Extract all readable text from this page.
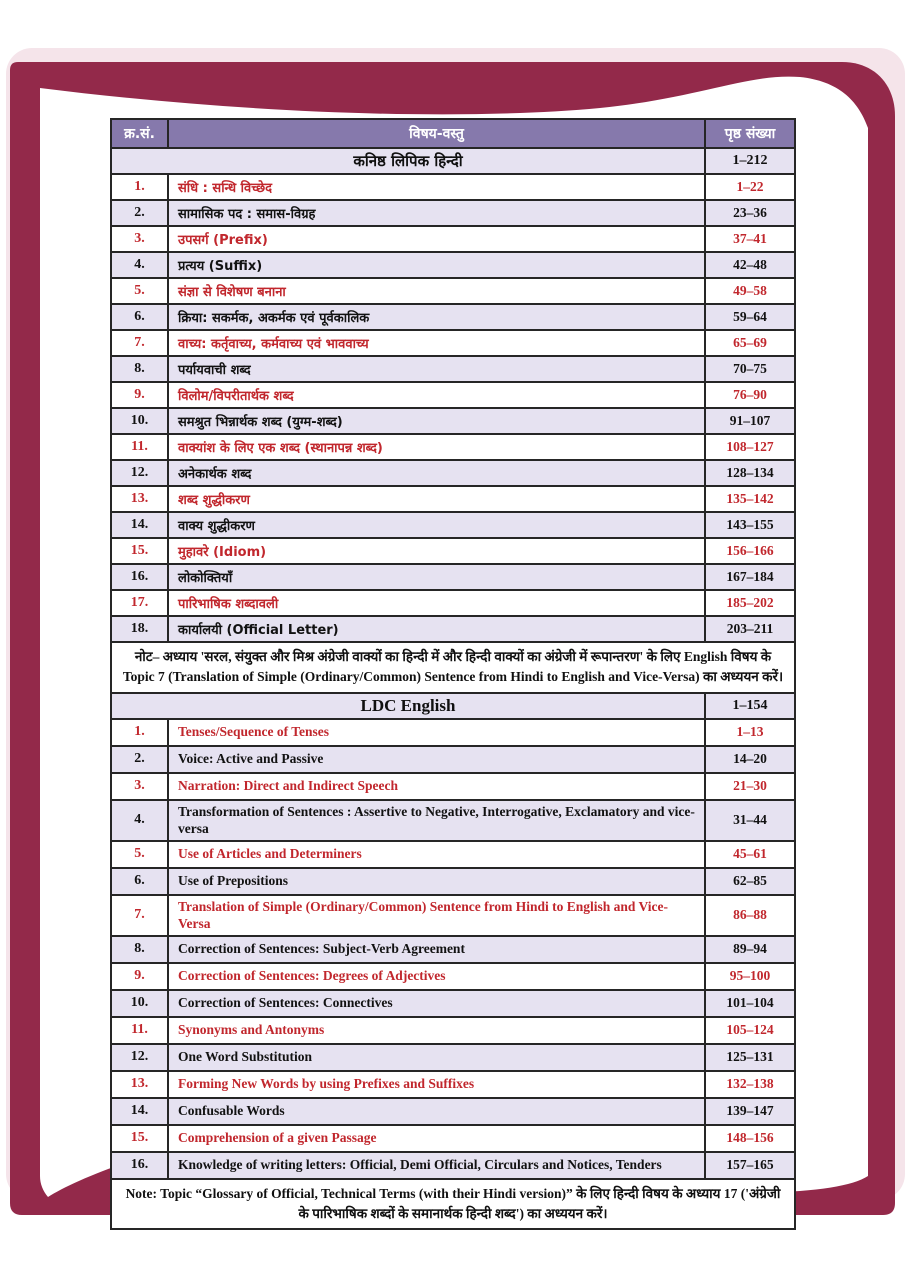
क्र.सं.	विषय-वस्तु	पृष्ठ संख्या
कनिष्ठ लिपिक हिन्दी		1–212
1.	संधि : सन्धि विच्छेद	1–22
2.	सामासिक पद : समास-विग्रह	23–36
3.	उपसर्ग (Prefix)	37–41
4.	प्रत्यय (Suffix)	42–48
5.	संज्ञा से विशेषण बनाना	49–58
6.	क्रिया: सकर्मक, अकर्मक एवं पूर्वकालिक	59–64
7.	वाच्य: कर्तृवाच्य, कर्मवाच्य एवं भाववाच्य	65–69
8.	पर्यायवाची शब्द	70–75
9.	विलोम/विपरीतार्थक शब्द	76–90
10.	समश्रुत भिन्नार्थक शब्द (युग्म-शब्द)	91–107
11.	वाक्यांश के लिए एक शब्द (स्थानापन्न शब्द)	108–127
12.	अनेकार्थक शब्द	128–134
13.	शब्द शुद्धीकरण	135–142
14.	वाक्य शुद्धीकरण	143–155
15.	मुहावरे (Idiom)	156–166
16.	लोकोक्तियाँ	167–184
17.	पारिभाषिक शब्दावली	185–202
18.	कार्यालयी (Official Letter)	203–211
नोट– अध्याय 'सरल, संयुक्त और मिश्र अंग्रेजी वाक्यों का हिन्दी में और हिन्दी वाक्यों का अंग्रेजी में रूपान्तरण' के लिए English विषय के Topic 7 (Translation of Simple (Ordinary/Common) Sentence from Hindi to English and Vice-Versa) का अध्ययन करें।		
LDC English		1–154
1.	Tenses/Sequence of Tenses	1–13
2.	Voice: Active and Passive	14–20
3.	Narration: Direct and Indirect Speech	21–30
4.	Transformation of Sentences : Assertive to Negative, Interrogative, Exclamatory and vice-versa	31–44
5.	Use of Articles and Determiners	45–61
6.	Use of Prepositions	62–85
7.	Translation of Simple (Ordinary/Common) Sentence from Hindi to English and Vice-Versa	86–88
8.	Correction of Sentences: Subject-Verb Agreement	89–94
9.	Correction of Sentences: Degrees of Adjectives	95–100
10.	Correction of Sentences: Connectives	101–104
11.	Synonyms and Antonyms	105–124
12.	One Word Substitution	125–131
13.	Forming New Words by using Prefixes and Suffixes	132–138
14.	Confusable Words	139–147
15.	Comprehension of a given Passage	148–156
16.	Knowledge of writing letters: Official, Demi Official, Circulars and Notices, Tenders	157–165
Note: Topic “Glossary of Official, Technical Terms (with their Hindi version)” के लिए हिन्दी विषय के अध्याय 17 ('अंग्रेजी के पारिभाषिक शब्दों के समानार्थक हिन्दी शब्द') का अध्ययन करें।		
